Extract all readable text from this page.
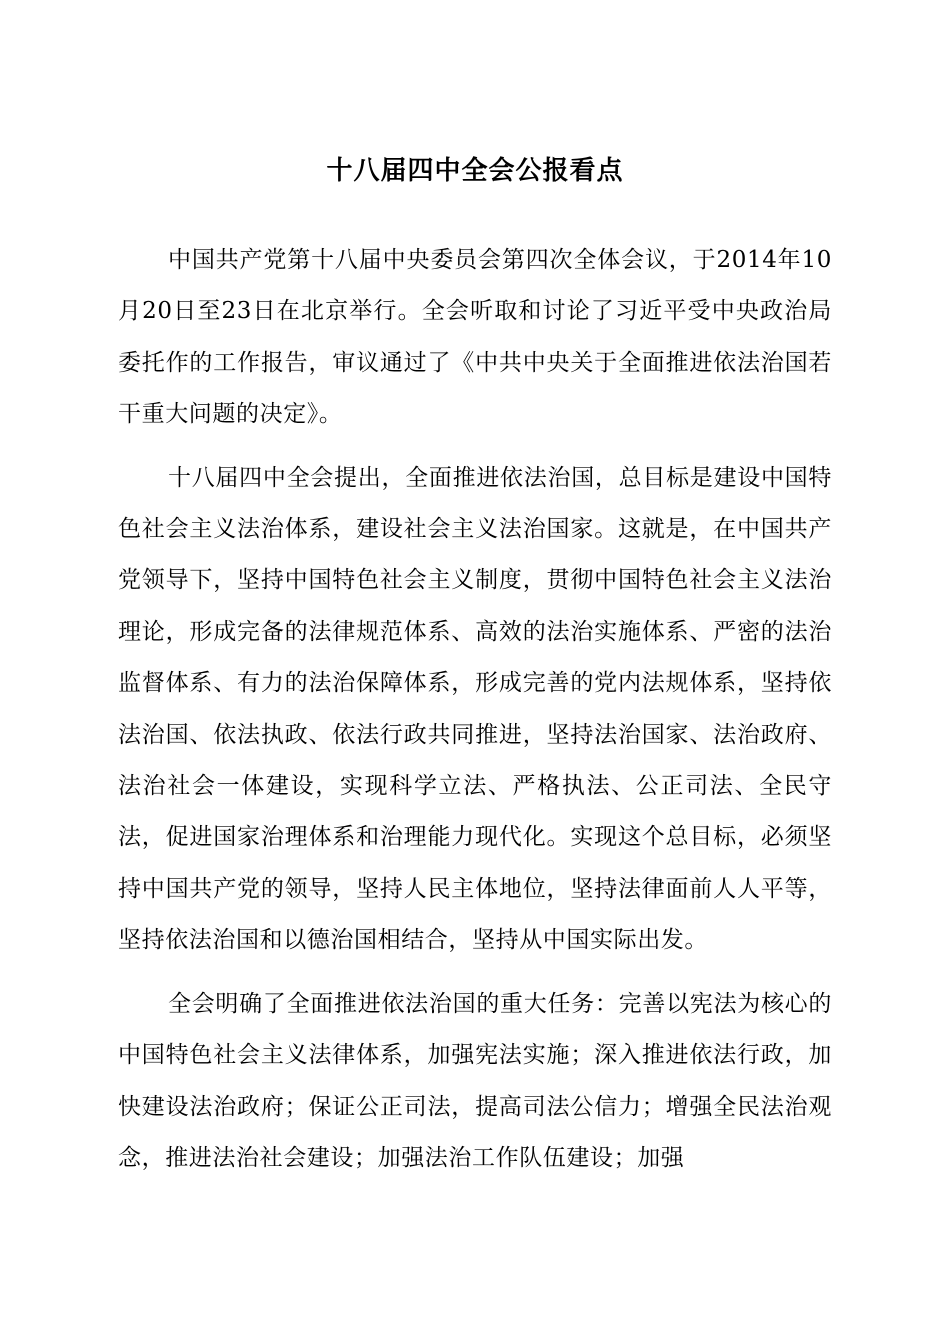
十八届四中全会公报看点

中国共产党第十八届中央委员会第四次全体会议，于2014年10月20日至23日在北京举行。全会听取和讨论了习近平受中央政治局委托作的工作报告，审议通过了《中共中央关于全面推进依法治国若干重大问题的决定》。

十八届四中全会提出，全面推进依法治国，总目标是建设中国特色社会主义法治体系，建设社会主义法治国家。这就是，在中国共产党领导下，坚持中国特色社会主义制度，贯彻中国特色社会主义法治理论，形成完备的法律规范体系、高效的法治实施体系、严密的法治监督体系、有力的法治保障体系，形成完善的党内法规体系，坚持依法治国、依法执政、依法行政共同推进，坚持法治国家、法治政府、法治社会一体建设，实现科学立法、严格执法、公正司法、全民守法，促进国家治理体系和治理能力现代化。实现这个总目标，必须坚持中国共产党的领导，坚持人民主体地位，坚持法律面前人人平等，坚持依法治国和以德治国相结合，坚持从中国实际出发。

全会明确了全面推进依法治国的重大任务：完善以宪法为核心的中国特色社会主义法律体系，加强宪法实施；深入推进依法行政，加快建设法治政府；保证公正司法，提高司法公信力；增强全民法治观念，推进法治社会建设；加强法治工作队伍建设；加强
